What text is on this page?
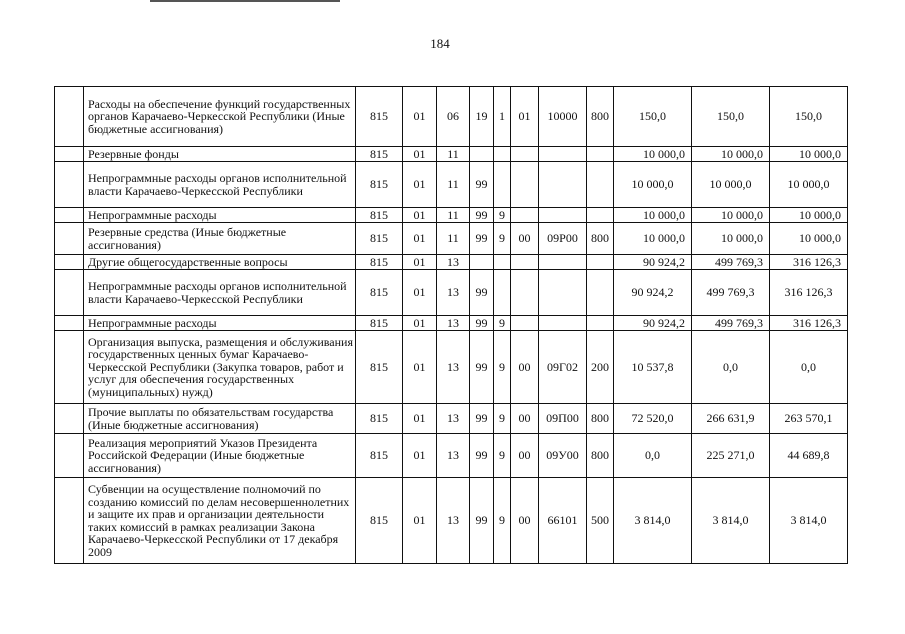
184
	Расходы на обеспечение функций государственных органов Карачаево-Черкесской Республики (Иные бюджетные ассигнования)	815	01	06	19	1	01	10000	800	150,0	150,0	150,0
	Резервные фонды	815	01	11						10 000,0	10 000,0	10 000,0
	Непрограммные расходы органов исполнительной власти Карачаево-Черкесской Республики	815	01	11	99					10 000,0	10 000,0	10 000,0
	Непрограммные расходы	815	01	11	99	9				10 000,0	10 000,0	10 000,0
	Резервные средства (Иные бюджетные ассигнования)	815	01	11	99	9	00	09Р00	800	10 000,0	10 000,0	10 000,0
	Другие общегосударственные вопросы	815	01	13						90 924,2	499 769,3	316 126,3
	Непрограммные расходы органов исполнительной власти Карачаево-Черкесской Республики	815	01	13	99					90 924,2	499 769,3	316 126,3
	Непрограммные расходы	815	01	13	99	9				90 924,2	499 769,3	316 126,3
	Организация выпуска, размещения и обслуживания государственных ценных бумаг Карачаево-Черкесской Республики (Закупка товаров, работ и услуг для обеспечения государственных (муниципальных) нужд)	815	01	13	99	9	00	09Г02	200	10 537,8	0,0	0,0
	Прочие выплаты по обязательствам государства (Иные бюджетные ассигнования)	815	01	13	99	9	00	09П00	800	72 520,0	266 631,9	263 570,1
	Реализация мероприятий Указов Президента Российской Федерации (Иные бюджетные ассигнования)	815	01	13	99	9	00	09У00	800	0,0	225 271,0	44 689,8
	Субвенции на осуществление полномочий по созданию комиссий по делам несовершеннолетних и защите их прав и организации деятельности таких комиссий в рамках реализации Закона Карачаево-Черкесской Республики от 17 декабря 2009	815	01	13	99	9	00	66101	500	3 814,0	3 814,0	3 814,0
